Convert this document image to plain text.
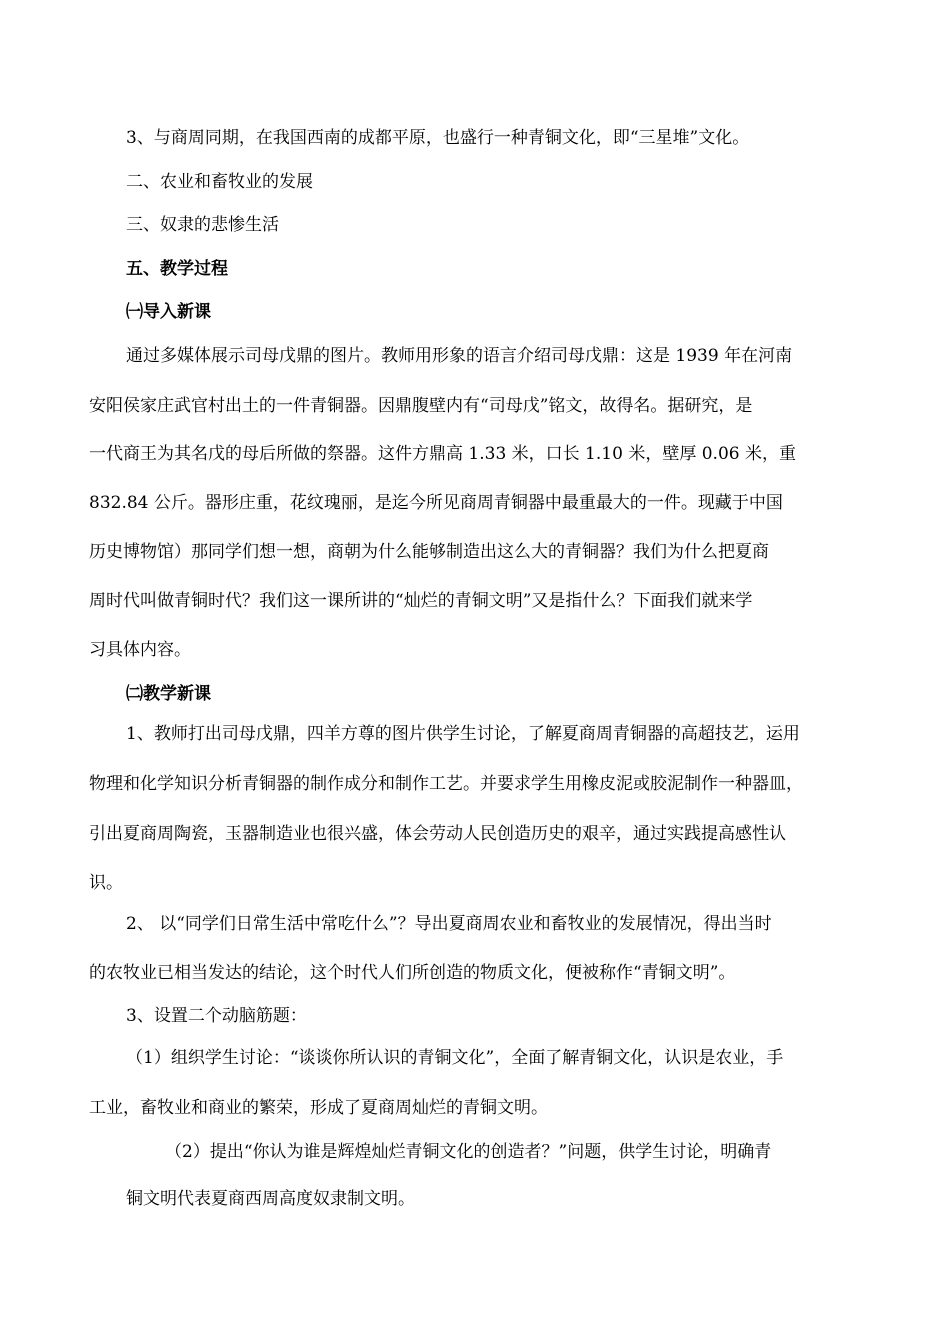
3、与商周同期，在我国西南的成都平原，也盛行一种青铜文化，即“三星堆”文化。

二、农业和畜牧业的发展

三、奴隶的悲惨生活

五、教学过程

㈠导入新课

通过多媒体展示司母戊鼎的图片。教师用形象的语言介绍司母戊鼎：这是 1939 年在河南

安阳侯家庄武官村出土的一件青铜器。因鼎腹壁内有“司母戊”铭文，故得名。据研究，是

一代商王为其名戊的母后所做的祭器。这件方鼎高 1.33 米，口长 1.10 米，壁厚 0.06 米，重

832.84 公斤。器形庄重，花纹瑰丽，是迄今所见商周青铜器中最重最大的一件。现藏于中国

历史博物馆）那同学们想一想，商朝为什么能够制造出这么大的青铜器？我们为什么把夏商

周时代叫做青铜时代？我们这一课所讲的“灿烂的青铜文明”又是指什么？下面我们就来学

习具体内容。

㈡教学新课

1、教师打出司母戊鼎，四羊方尊的图片供学生讨论，了解夏商周青铜器的高超技艺，运用

物理和化学知识分析青铜器的制作成分和制作工艺。并要求学生用橡皮泥或胶泥制作一种器皿，

引出夏商周陶瓷，玉器制造业也很兴盛，体会劳动人民创造历史的艰辛，通过实践提高感性认

识。

2、 以“同学们日常生活中常吃什么”？导出夏商周农业和畜牧业的发展情况，得出当时

的农牧业已相当发达的结论，这个时代人们所创造的物质文化，便被称作“青铜文明”。

3、设置二个动脑筋题：

（1）组织学生讨论：“谈谈你所认识的青铜文化”，全面了解青铜文化，认识是农业，手

工业，畜牧业和商业的繁荣，形成了夏商周灿烂的青铜文明。

（2）提出“你认为谁是辉煌灿烂青铜文化的创造者？”问题，供学生讨论，明确青

铜文明代表夏商西周高度奴隶制文明。
